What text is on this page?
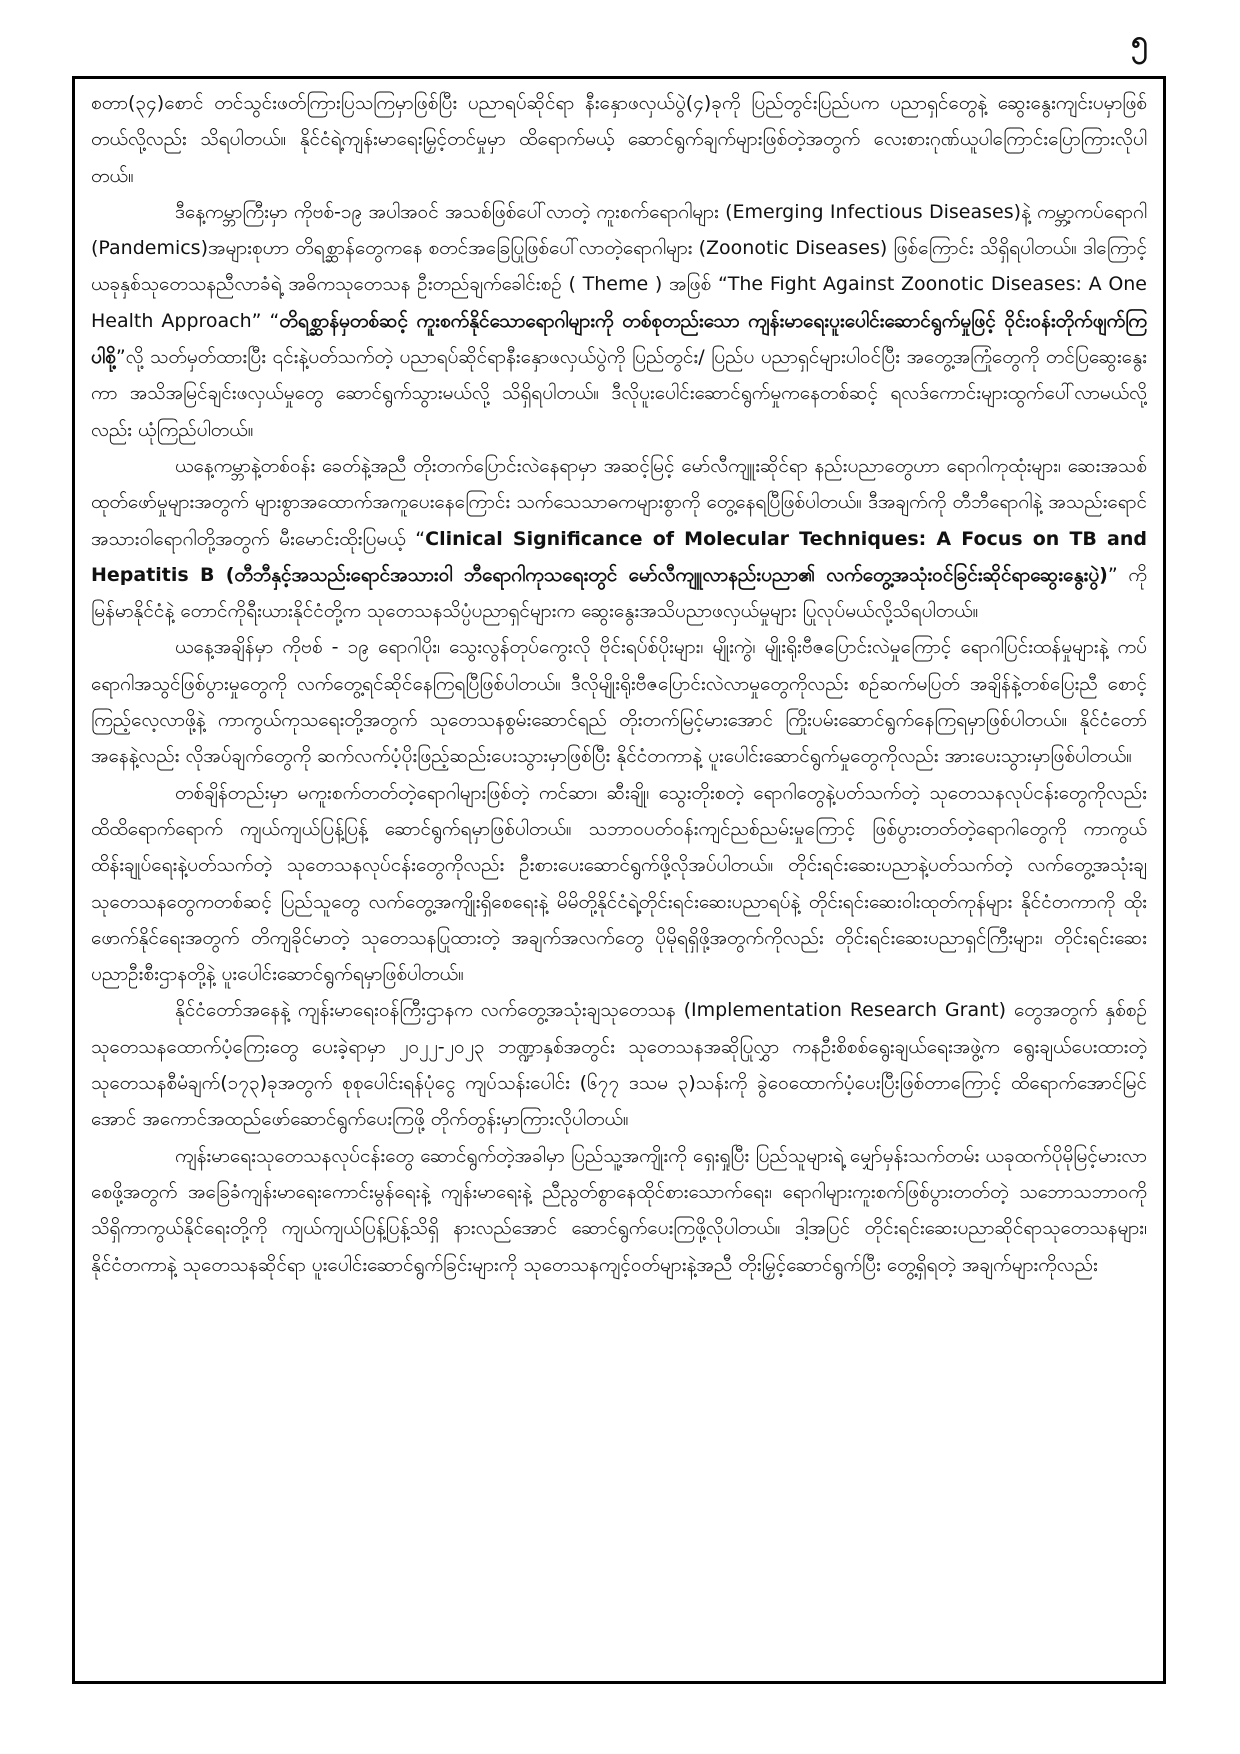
၅

စတာ(၃၄)စောင် တင်သွင်းဖတ်ကြားပြသကြမှာဖြစ်ပြီး ပညာရပ်ဆိုင်ရာ နီးနှောဖလှယ်ပွဲ(၄)ခုကို ပြည်တွင်းပြည်ပက ပညာရှင်တွေနဲ့ ဆွေးနွေးကျင်းပမှာဖြစ်တယ်လို့လည်း သိရပါတယ်။ နိုင်ငံရဲ့ကျန်းမာရေးမြှင့်တင်မှုမှာ ထိရောက်မယ့် ဆောင်ရွက်ချက်များဖြစ်တဲ့အတွက် လေးစားဂုဏ်ယူပါကြောင်းပြောကြားလိုပါတယ်။

ဒီနေ့ကမ္ဘာကြီးမှာ ကိုဗစ်-၁၉ အပါအဝင် အသစ်ဖြစ်ပေါ်လာတဲ့ ကူးစက်ရောဂါများ (Emerging Infectious Diseases)နဲ့ ကမ္ဘာ့ကပ်ရောဂါ (Pandemics)အများစုဟာ တိရစ္ဆာန်တွေကနေ စတင်အခြေပြုဖြစ်ပေါ်လာတဲ့ရောဂါများ (Zoonotic Diseases) ဖြစ်ကြောင်း သိရှိရပါတယ်။ ဒါကြောင့် ယခုနှစ်သုတေသနညီလာခံရဲ့ အဓိကသုတေသန ဦးတည်ချက်ခေါင်းစဉ် ( Theme ) အဖြစ် “The Fight Against Zoonotic Diseases: A One Health Approach” “တိရစ္ဆာန်မှတစ်ဆင့် ကူးစက်နိုင်သောရောဂါများကို တစ်စုတည်းသော ကျန်းမာရေးပူးပေါင်းဆောင်ရွက်မှုဖြင့် ဝိုင်းဝန်းတိုက်ဖျက်ကြပါစို့”လို့ သတ်မှတ်ထားပြီး ၎င်းနဲ့ပတ်သက်တဲ့ ပညာရပ်ဆိုင်ရာနီးနှောဖလှယ်ပွဲကို ပြည်တွင်း/ ပြည်ပ ပညာရှင်များပါဝင်ပြီး အတွေ့အကြုံတွေကို တင်ပြဆွေးနွေးကာ အသိအမြင်ချင်းဖလှယ်မှုတွေ ဆောင်ရွက်သွားမယ်လို့ သိရှိရပါတယ်။ ဒီလိုပူးပေါင်းဆောင်ရွက်မှုကနေတစ်ဆင့် ရလဒ်ကောင်းများထွက်ပေါ်လာမယ်လို့လည်း ယုံကြည်ပါတယ်။

ယနေ့ကမ္ဘာနဲ့တစ်ဝန်း ခေတ်နဲ့အညီ တိုးတက်ပြောင်းလဲနေရာမှာ အဆင့်မြင့် မော်လီကျူးဆိုင်ရာ နည်းပညာတွေဟာ ရောဂါကုထုံးများ၊ ဆေးအသစ်ထုတ်ဖော်မှုများအတွက် များစွာအထောက်အကူပေးနေကြောင်း သက်သေသာဓကများစွာကို တွေ့နေရပြီဖြစ်ပါတယ်။ ဒီအချက်ကို တီဘီရောဂါနဲ့ အသည်းရောင်အသားဝါရောဂါတို့အတွက် မီးမောင်းထိုးပြမယ့် “Clinical Significance of Molecular Techniques: A Focus on TB and Hepatitis B (တီဘီနှင့်အသည်းရောင်အသားဝါ ဘီရောဂါကုသရေးတွင် မော်လီကျူလာနည်းပညာ၏ လက်တွေ့အသုံးဝင်ခြင်းဆိုင်ရာဆွေးနွေးပွဲ)” ကို မြန်မာနိုင်ငံနဲ့ တောင်ကိုရီးယားနိုင်ငံတို့က သုတေသနသိပ္ပံပညာရှင်များက ဆွေးနွေးအသိပညာဖလှယ်မှုများ ပြုလုပ်မယ်လို့သိရပါတယ်။

ယနေ့အချိန်မှာ ကိုဗစ် - ၁၉ ရောဂါပိုး၊ သွေးလွန်တုပ်ကွေးလို ဗိုင်းရပ်စ်ပိုးများ၊ မျိုးကွဲ၊ မျိုးရိုးဗီဇပြောင်းလဲမှုကြောင့် ရောဂါပြင်းထန်မှုများနဲ့ ကပ်ရောဂါအသွင်ဖြစ်ပွားမှုတွေကို လက်တွေ့ရင်ဆိုင်နေကြရပြီဖြစ်ပါတယ်။ ဒီလိုမျိုးရိုးဗီဇပြောင်းလဲလာမှုတွေကိုလည်း စဉ်ဆက်မပြတ် အချိန်နဲ့တစ်ပြေးညီ စောင့်ကြည့်လေ့လာဖို့နဲ့ ကာကွယ်ကုသရေးတို့အတွက် သုတေသနစွမ်းဆောင်ရည် တိုးတက်မြင့်မားအောင် ကြိုးပမ်းဆောင်ရွက်နေကြရမှာဖြစ်ပါတယ်။ နိုင်ငံတော်အနေနဲ့လည်း လိုအပ်ချက်တွေကို ဆက်လက်ပံ့ပိုးဖြည့်ဆည်းပေးသွားမှာဖြစ်ပြီး နိုင်ငံတကာနဲ့ ပူးပေါင်းဆောင်ရွက်မှုတွေကိုလည်း အားပေးသွားမှာဖြစ်ပါတယ်။

တစ်ချိန်တည်းမှာ မကူးစက်တတ်တဲ့ရောဂါများဖြစ်တဲ့ ကင်ဆာ၊ ဆီးချို၊ သွေးတိုးစတဲ့ ရောဂါတွေနဲ့ပတ်သက်တဲ့ သုတေသနလုပ်ငန်းတွေကိုလည်း ထိထိရောက်ရောက် ကျယ်ကျယ်ပြန့်ပြန့် ဆောင်ရွက်ရမှာဖြစ်ပါတယ်။ သဘာဝပတ်ဝန်းကျင်ညစ်ညမ်းမှုကြောင့် ဖြစ်ပွားတတ်တဲ့ရောဂါတွေကို ကာကွယ်ထိန်းချုပ်ရေးနဲ့ပတ်သက်တဲ့ သုတေသနလုပ်ငန်းတွေကိုလည်း ဦးစားပေးဆောင်ရွက်ဖို့လိုအပ်ပါတယ်။ တိုင်းရင်းဆေးပညာနဲ့ပတ်သက်တဲ့ လက်တွေ့အသုံးချ သုတေသနတွေကတစ်ဆင့် ပြည်သူတွေ လက်တွေ့အကျိုးရှိစေရေးနဲ့ မိမိတို့နိုင်ငံရဲ့တိုင်းရင်းဆေးပညာရပ်နဲ့ တိုင်းရင်းဆေးဝါးထုတ်ကုန်များ နိုင်ငံတကာကို ထိုးဖောက်နိုင်ရေးအတွက် တိကျခိုင်မာတဲ့ သုတေသနပြုထားတဲ့ အချက်အလက်တွေ ပိုမိုရရှိဖို့အတွက်ကိုလည်း တိုင်းရင်းဆေးပညာရှင်ကြီးများ၊ တိုင်းရင်းဆေးပညာဦးစီးဌာနတို့နဲ့ ပူးပေါင်းဆောင်ရွက်ရမှာဖြစ်ပါတယ်။

နိုင်ငံတော်အနေနဲ့ ကျန်းမာရေးဝန်ကြီးဌာနက လက်တွေ့အသုံးချသုတေသန (Implementation Research Grant) တွေအတွက် နှစ်စဉ်သုတေသနထောက်ပံ့ကြေးတွေ ပေးခဲ့ရာမှာ ၂၀၂၂-၂၀၂၃ ဘဏ္ဍာနှစ်အတွင်း သုတေသနအဆိုပြုလွှာ ကနဦးစိစစ်ရွေးချယ်ရေးအဖွဲ့က ရွေးချယ်ပေးထားတဲ့ သုတေသနစီမံချက်(၁၇၃)ခုအတွက် စုစုပေါင်းရန်ပုံငွေ ကျပ်သန်းပေါင်း (၆၇၇ ဒသမ ၃)သန်းကို ခွဲဝေထောက်ပံ့ပေးပြီးဖြစ်တာကြောင့် ထိရောက်အောင်မြင်အောင် အကောင်အထည်ဖော်ဆောင်ရွက်ပေးကြဖို့ တိုက်တွန်းမှာကြားလိုပါတယ်။

ကျန်းမာရေးသုတေသနလုပ်ငန်းတွေ ဆောင်ရွက်တဲ့အခါမှာ ပြည်သူ့အကျိုးကို ရှေးရှုပြီး ပြည်သူများရဲ့ မျှော်မှန်းသက်တမ်း ယခုထက်ပိုမိုမြင့်မားလာစေဖို့အတွက် အခြေခံကျန်းမာရေးကောင်းမွန်ရေးနဲ့ ကျန်းမာရေးနဲ့ ညီညွတ်စွာနေထိုင်စားသောက်ရေး၊ ရောဂါများကူးစက်ဖြစ်ပွားတတ်တဲ့ သဘောသဘာဝကို သိရှိကာကွယ်နိုင်ရေးတို့ကို ကျယ်ကျယ်ပြန့်ပြန့်သိရှိ နားလည်အောင် ဆောင်ရွက်ပေးကြဖို့လိုပါတယ်။ ဒါ့အပြင် တိုင်းရင်းဆေးပညာဆိုင်ရာသုတေသနများ၊ နိုင်ငံတကာနဲ့ သုတေသနဆိုင်ရာ ပူးပေါင်းဆောင်ရွက်ခြင်းများကို သုတေသနကျင့်ဝတ်များနဲ့အညီ တိုးမြှင့်ဆောင်ရွက်ပြီး တွေ့ရှိရတဲ့ အချက်များကိုလည်း
